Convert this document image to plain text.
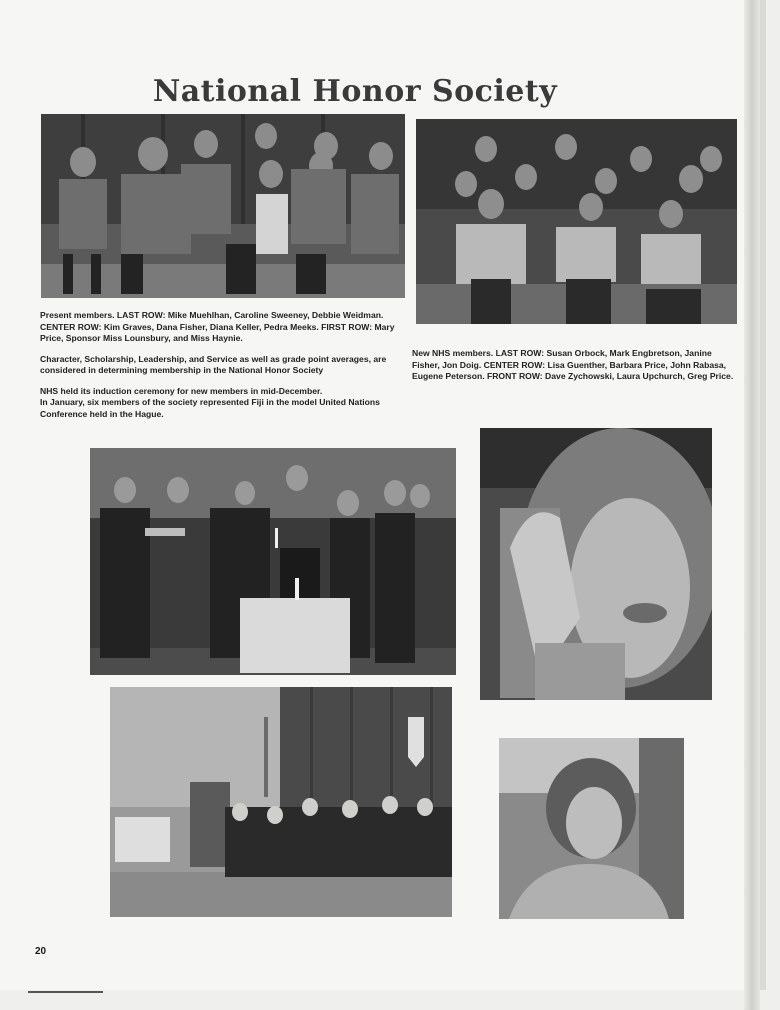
National Honor Society

Present members. LAST ROW: Mike Muehlhan, Caroline Sweeney, Debbie Weidman. CENTER ROW: Kim Graves, Dana Fisher, Diana Keller, Pedra Meeks. FIRST ROW: Mary Price, Sponsor Miss Lounsbury, and Miss Haynie.

Character, Scholarship, Leadership, and Service as well as grade point averages, are considered in determining membership in the National Honor Society

NHS held its induction ceremony for new members in mid-December.

In January, six members of the society represented Fiji in the model United Nations Conference held in the Hague.

New NHS members. LAST ROW: Susan Orbock, Mark Engbretson, Janine Fisher, Jon Doig. CENTER ROW: Lisa Guenther, Barbara Price, John Rabasa, Eugene Peterson. FRONT ROW: Dave Zychowski, Laura Upchurch, Greg Price.

20
